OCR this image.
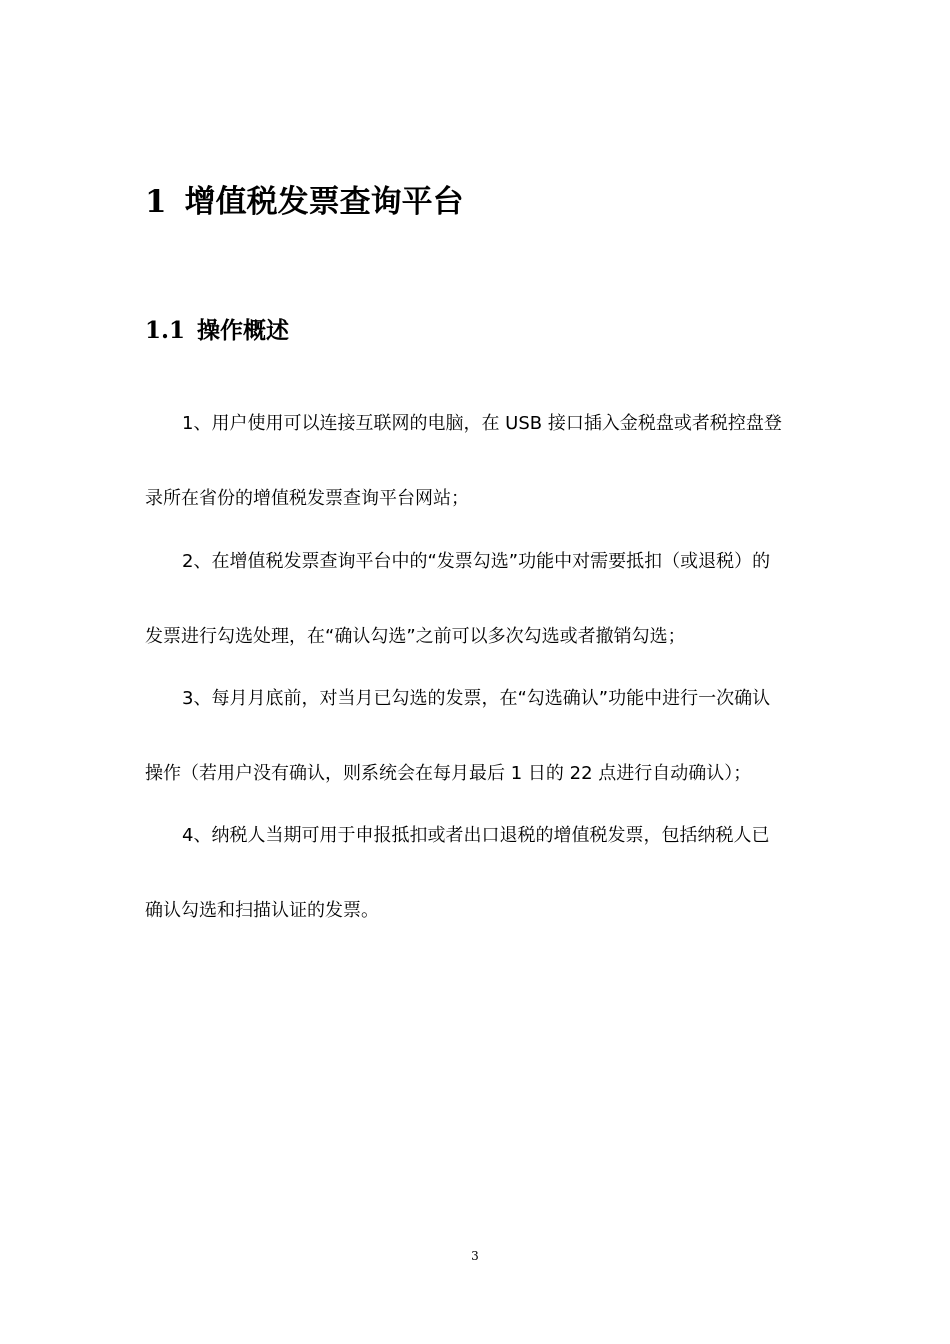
1 增值税发票查询平台
1.1 操作概述
1、用户使用可以连接互联网的电脑，在 USB 接口插入金税盘或者税控盘登
录所在省份的增值税发票查询平台网站；
2、在增值税发票查询平台中的“发票勾选”功能中对需要抵扣（或退税）的
发票进行勾选处理，在“确认勾选”之前可以多次勾选或者撤销勾选；
3、每月月底前，对当月已勾选的发票，在“勾选确认”功能中进行一次确认
操作（若用户没有确认，则系统会在每月最后 1 日的 22 点进行自动确认）；
4、纳税人当期可用于申报抵扣或者出口退税的增值税发票，包括纳税人已
确认勾选和扫描认证的发票。
3
